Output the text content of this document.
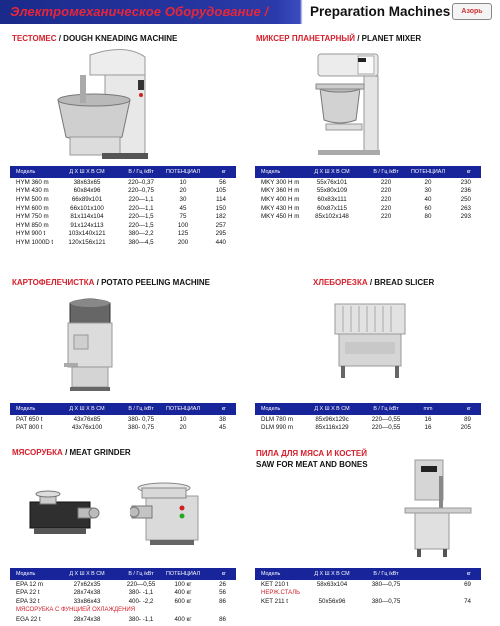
Электромеханическое Оборудование /	Preparation Machines	Азорь
ТЕСТОМЕС / DOUGH KNEADING MACHINE	МИКСЕР ПЛАНЕТАРНЫЙ / PLANET MIXER
КАРТОФЕЛЕЧИСТКА / POTATO PEELING MACHINE	ХЛЕБОРЕЗКА / BREAD SLICER
МЯСОРУБКА / MEAT GRINDER	ПИЛА ДЛЯ МЯСА И КОСТЕЙ
SAW FOR MEAT AND BONES
Модель	Д Х Ш Х В СМ	В / Гц /кВт	ПОТЕНЦИАЛ	кг
HYM 360 m	38x63x65	220–0,37	10	56
HYM 430 m	60x84x96	220–0,75	20	105
HYM 500 m	66x89x101	220—1,1	30	114
HYM 600 m	66x101x100	220—1,1	45	150
HYM 750 m	81x114x104	220—1,5	75	182
HYM 850 m	91x124x113	220—1,5	100	257
HYM 900 t	103x140x121	380—2,2	125	295
HYM 1000D t	120x156x121	380—4,5	200	440
Модель	Д Х Ш Х В СМ	В / Гц /кВт	ПОТЕНЦИАЛ	кг
MKY 300 H m	55x76x101	220	20	230
MKY 360 H m	55x80x109	220	30	236
MKY 400 H m	60x83x111	220	40	250
MKY 430 H m	60x87x115	220	60	263
MKY 450 H m	85x102x148	220	80	293
Модель	Д Х Ш Х В СМ	В / Гц /кВт	ПОТЕНЦИАЛ	кг
PAT 650 t	43x76x85	380- 0,75	10	38
PAT 800 t	43x76x100	380- 0,75	20	45
Модель	Д Х Ш Х В СМ	В / Гц /кВт	mm	кг
DLM 780 m	85x96x129c	220—0,55	16	89
DLM 990 m	85x116x129	220—0,55	16	205
Модель	Д Х Ш Х В СМ	В / Гц /кВт	ПОТЕНЦИАЛ	кг
EPA 12 m	27x62x35	220—0,55	100 кг	26
EPA 22 t	28x74x38	380- -1,1	400 кг	56
EPA 32 t	33x86x43	400- -2,2	600 кг	86
МЯСОРУБКА С ФУНЦИЕЙ ОХЛАЖДЕНИЯ
EGA 22 t	28x74x38	380- -1,1	400 кг	86
Модель	Д Х Ш Х В СМ	В / Гц /кВт	кг
KET 210 t	58x63x104	380—0,75	69
НЕРЖ.СТАЛЬ
KET 211 t	50x56x96	380—0,75	74
